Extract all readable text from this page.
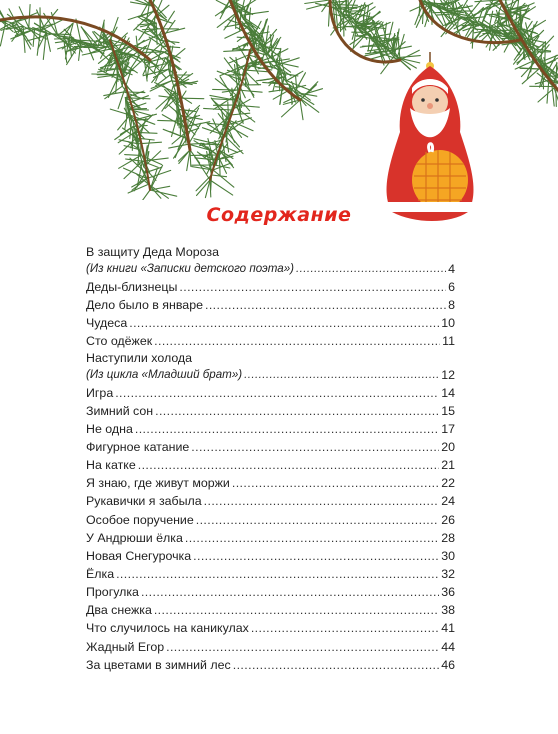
Содержание
В защиту Деда Мороза
(Из книги «Записки детского поэта») .....	4
Деды-близнецы .....	6
Дело было в январе .....	8
Чудеса .....	10
Сто одёжек .....	11
Наступили холода
(Из цикла «Младший брат») .....	12
Игра .....	14
Зимний сон .....	15
Не одна .....	17
Фигурное катание .....	20
На катке .....	21
Я знаю, где живут моржи .....	22
Рукавички я забыла .....	24
Особое поручение .....	26
У Андрюши ёлка .....	28
Новая Снегурочка .....	30
Ёлка .....	32
Прогулка .....	36
Два снежка .....	38
Что случилось на каникулах .....	41
Жадный Егор .....	44
За цветами в зимний лес .....	46
